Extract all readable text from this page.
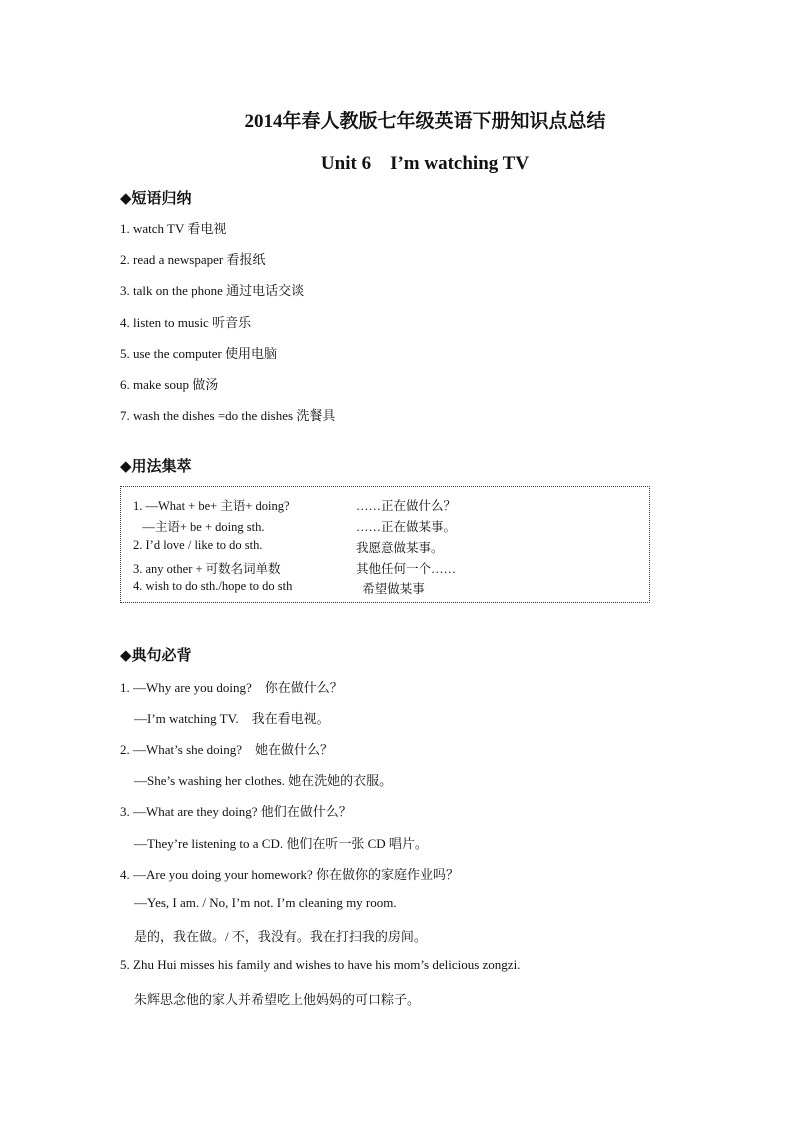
2014年春人教版七年级英语下册知识点总结
Unit 6　I’m watching TV
◆短语归纳
1. watch TV 看电视
2. read a newspaper 看报纸
3. talk on the phone 通过电话交谈
4. listen to music 听音乐
5. use the computer 使用电脑
6. make soup 做汤
7. wash the dishes =do the dishes 洗餐具
◆用法集萃
1. —What + be+ 主语+ doing?	……正在做什么？
—主语+ be + doing sth.	……正在做某事。
2. I’d love / like to do sth.	我愿意做某事。
3. any other + 可数名词单数	其他任何一个……
4. wish to do sth./hope to do sth	希望做某事
◆典句必背
1. —Why are you doing?　你在做什么？
—I’m watching TV.　我在看电视。
2. —What’s she doing?　她在做什么？
—She’s washing her clothes. 她在洗她的衣服。
3. —What are they doing? 他们在做什么？
—They’re listening to a CD. 他们在听一张 CD 唱片。
4. —Are you doing your homework? 你在做你的家庭作业吗？
—Yes, I am. / No, I’m not. I’m cleaning my room.
是的，我在做。/ 不，我没有。我在打扫我的房间。
5. Zhu Hui misses his family and wishes to have his mom’s delicious zongzi.
朱辉思念他的家人并希望吃上他妈妈的可口粽子。
